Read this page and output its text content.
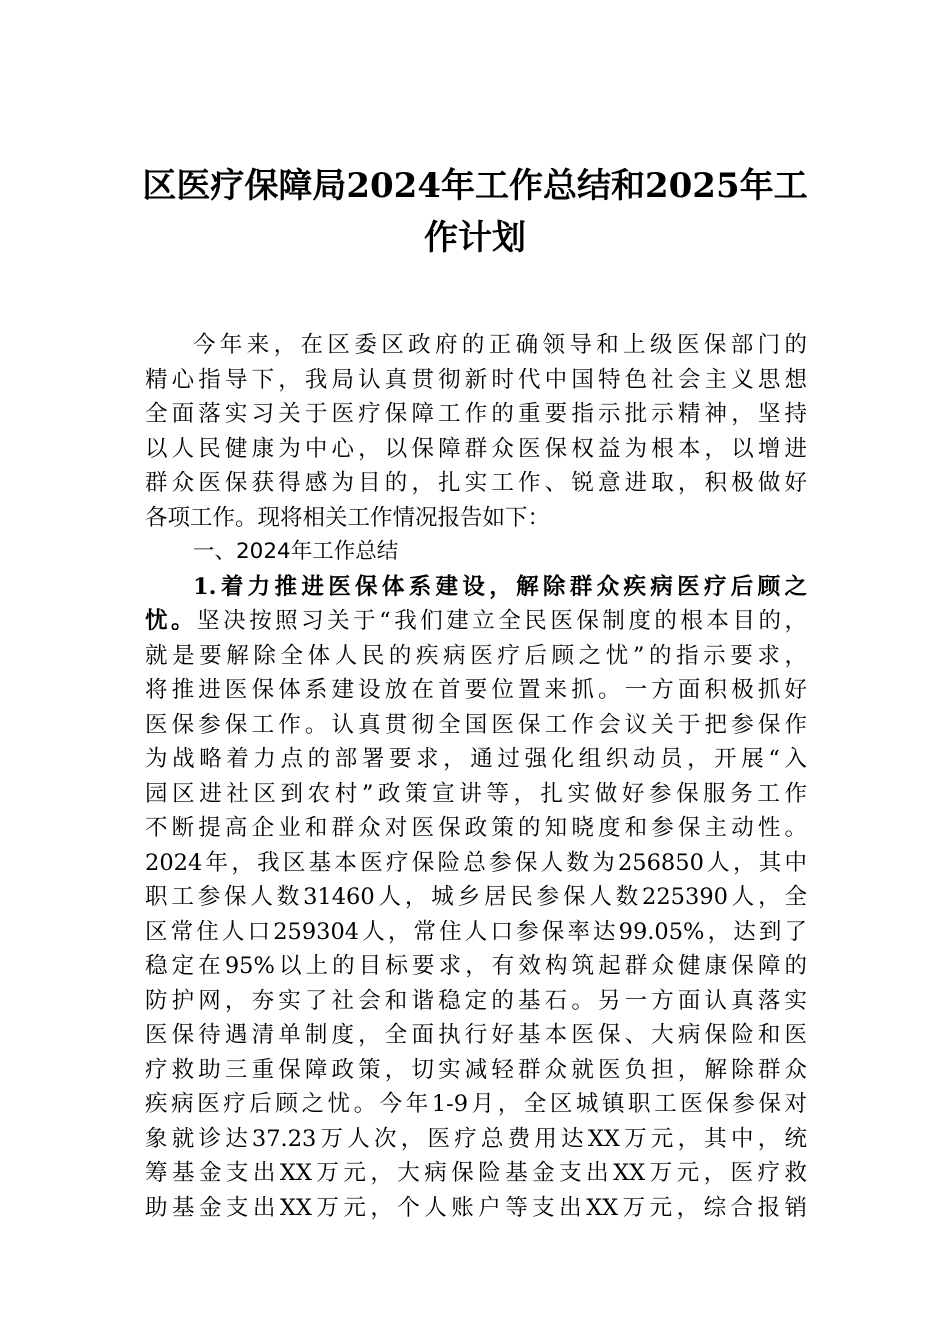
区医疗保障局2024年工作总结和2025年工
作计划
今年来，在区委区政府的正确领导和上级医保部门的
精心指导下，我局认真贯彻新时代中国特色社会主义思想
全面落实习关于医疗保障工作的重要指示批示精神，坚持
以人民健康为中心，以保障群众医保权益为根本，以增进
群众医保获得感为目的，扎实工作、锐意进取，积极做好
各项工作。现将相关工作情况报告如下：
一、2024年工作总结
1.着力推进医保体系建设，解除群众疾病医疗后顾之
忧。坚决按照习关于“我们建立全民医保制度的根本目的，
就是要解除全体人民的疾病医疗后顾之忧”的指示要求，
将推进医保体系建设放在首要位置来抓。一方面积极抓好
医保参保工作。认真贯彻全国医保工作会议关于把参保作
为战略着力点的部署要求，通过强化组织动员，开展“入
园区进社区到农村”政策宣讲等，扎实做好参保服务工作
不断提高企业和群众对医保政策的知晓度和参保主动性。
2024年，我区基本医疗保险总参保人数为256850人，其中
职工参保人数31460人，城乡居民参保人数225390人，全
区常住人口259304人，常住人口参保率达99.05%，达到了
稳定在95%以上的目标要求，有效构筑起群众健康保障的
防护网，夯实了社会和谐稳定的基石。另一方面认真落实
医保待遇清单制度，全面执行好基本医保、大病保险和医
疗救助三重保障政策，切实减轻群众就医负担，解除群众
疾病医疗后顾之忧。今年1-9月，全区城镇职工医保参保对
象就诊达37.23万人次，医疗总费用达XX万元，其中，统
筹基金支出XX万元，大病保险基金支出XX万元，医疗救
助基金支出XX万元，个人账户等支出XX万元，综合报销
